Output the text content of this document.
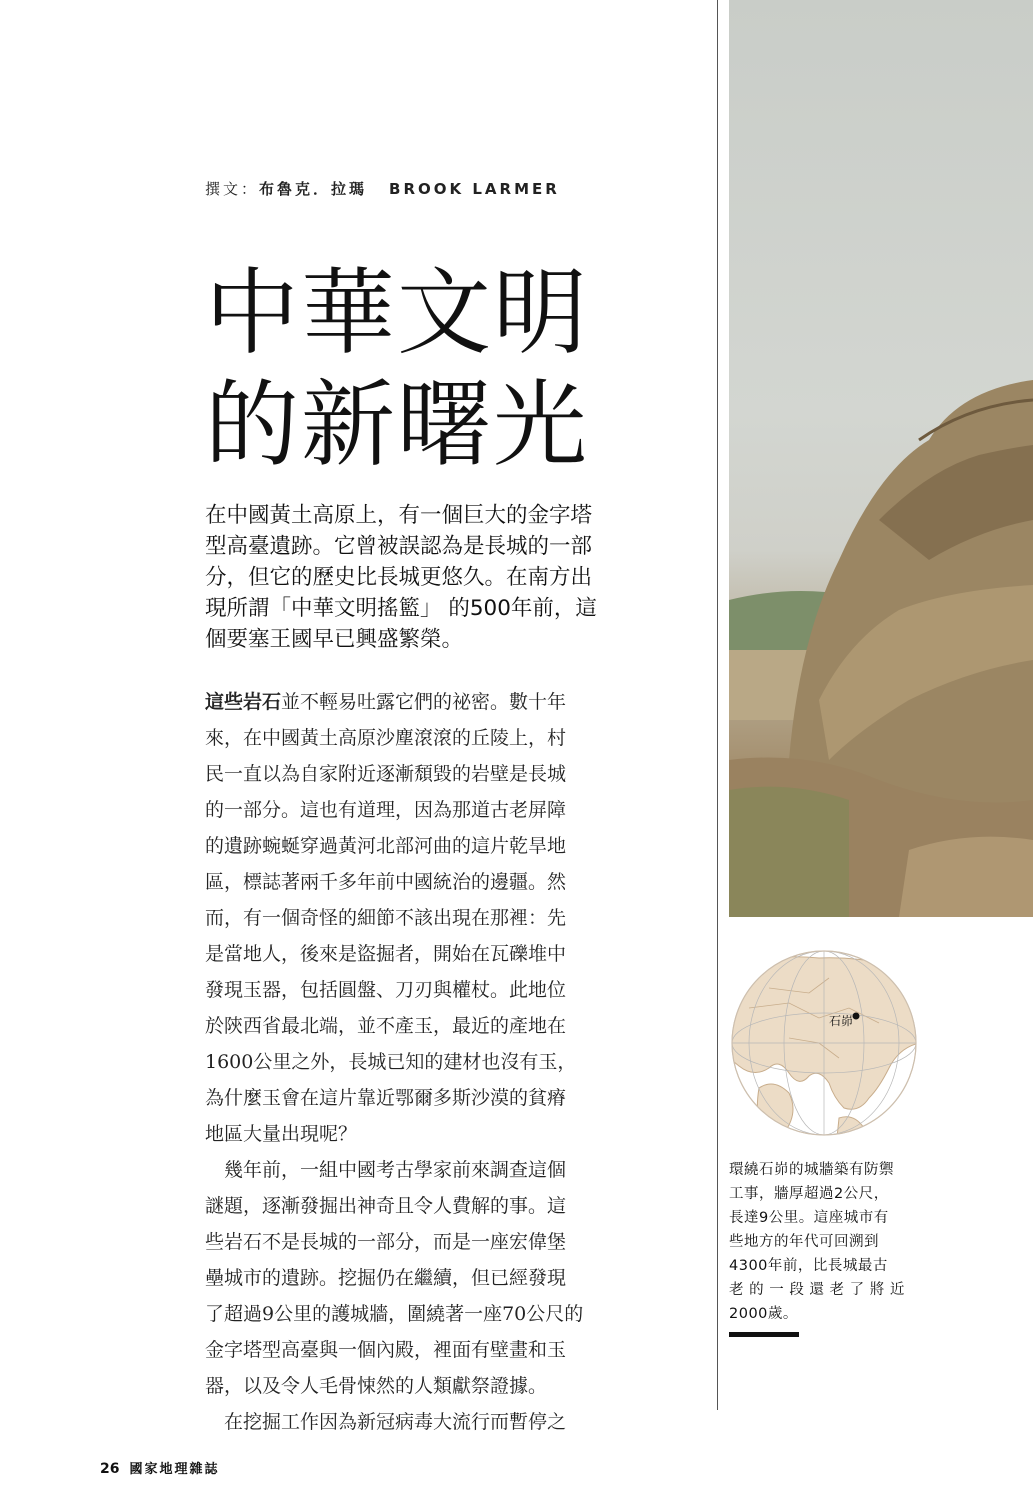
撰文：布魯克．拉瑪 BROOK LARMER
中華文明
的新曙光
在中國黃土高原上，有一個巨大的金字塔
型高臺遺跡。它曾被誤認為是長城的一部
分，但它的歷史比長城更悠久。在南方出
現所謂「中華文明搖籃」 的500年前，這
個要塞王國早已興盛繁榮。
這些岩石並不輕易吐露它們的祕密。數十年
來，在中國黃土高原沙塵滾滾的丘陵上，村
民一直以為自家附近逐漸頹毀的岩壁是長城
的一部分。這也有道理，因為那道古老屏障
的遺跡蜿蜒穿過黃河北部河曲的這片乾旱地
區，標誌著兩千多年前中國統治的邊疆。然
而，有一個奇怪的細節不該出現在那裡：先
是當地人，後來是盜掘者，開始在瓦礫堆中
發現玉器，包括圓盤、刀刃與權杖。此地位
於陝西省最北端，並不產玉，最近的產地在
1600公里之外，長城已知的建材也沒有玉，
為什麼玉會在這片靠近鄂爾多斯沙漠的貧瘠
地區大量出現呢？
　幾年前，一組中國考古學家前來調查這個
謎題，逐漸發掘出神奇且令人費解的事。這
些岩石不是長城的一部分，而是一座宏偉堡
壘城市的遺跡。挖掘仍在繼續，但已經發現
了超過9公里的護城牆，圍繞著一座70公尺的
金字塔型高臺與一個內殿，裡面有壁畫和玉
器，以及令人毛骨悚然的人類獻祭證據。
　在挖掘工作因為新冠病毒大流行而暫停之
石峁
環繞石峁的城牆築有防禦
工事，牆厚超過2公尺，
長達9公里。這座城市有
些地方的年代可回溯到
4300年前，比長城最古
老 的 一 段 還 老 了 將 近
2000歲。
26 國家地理雜誌
